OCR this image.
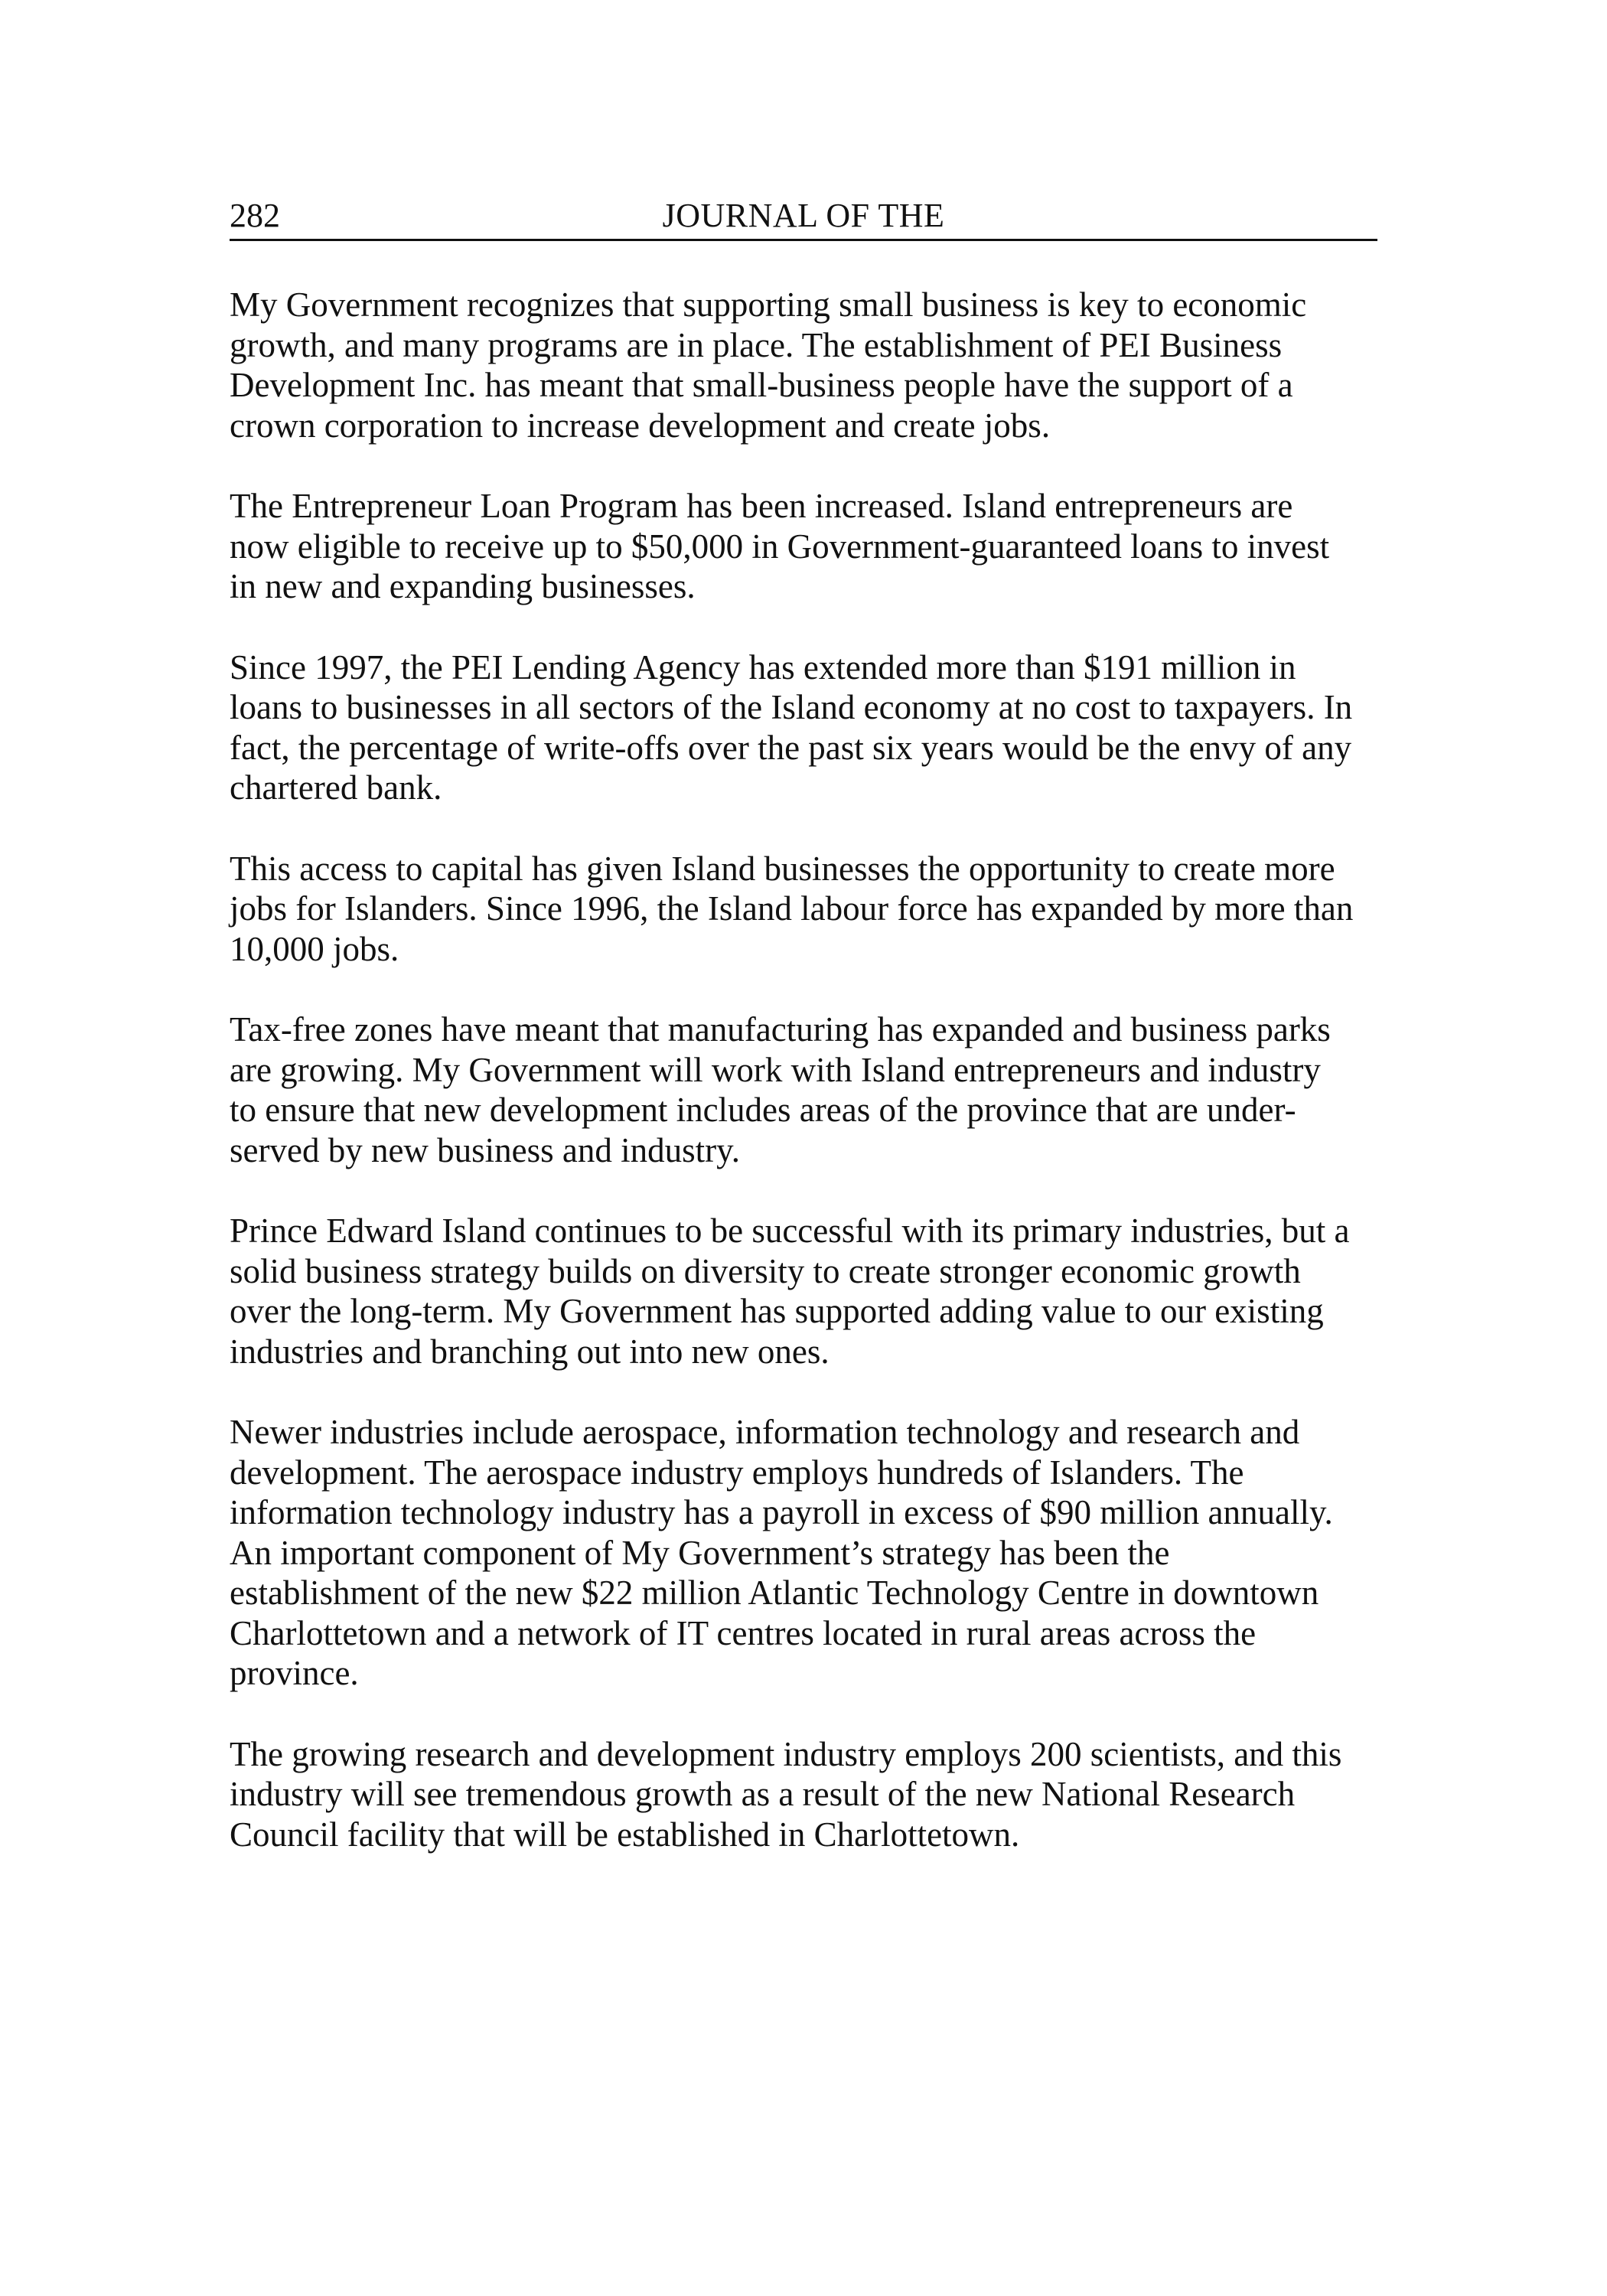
282	JOURNAL OF THE

My Government recognizes that supporting small business is key to economic
growth, and many programs are in place. The establishment of PEI Business
Development Inc. has meant that small-business people have the support of a
crown corporation to increase development and create jobs.

The Entrepreneur Loan Program has been increased. Island entrepreneurs are
now eligible to receive up to $50,000 in Government-guaranteed loans to invest
in new and expanding businesses.

Since 1997, the PEI Lending Agency has extended more than $191 million in
loans to businesses in all sectors of the Island economy at no cost to taxpayers. In
fact, the percentage of write-offs over the past six years would be the envy of any
chartered bank.

This access to capital has given Island businesses the opportunity to create more
jobs for Islanders. Since 1996, the Island labour force has expanded by more than
10,000 jobs.

Tax-free zones have meant that manufacturing has expanded and business parks
are growing. My Government will work with Island entrepreneurs and industry
to ensure that new development includes areas of the province that are under-
served by new business and industry.

Prince Edward Island continues to be successful with its primary industries, but a
solid business strategy builds on diversity to create stronger economic growth
over the long-term. My Government has supported adding value to our existing
industries and branching out into new ones.

Newer industries include aerospace, information technology and research and
development. The aerospace industry employs hundreds of Islanders. The
information technology industry has a payroll in excess of $90 million annually.
An important component of My Government’s strategy has been the
establishment of the new $22 million Atlantic Technology Centre in downtown
Charlottetown and a network of IT centres located in rural areas across the
province.

The growing research and development industry employs 200 scientists, and this
industry will see tremendous growth as a result of the new National Research
Council facility that will be established in Charlottetown.
